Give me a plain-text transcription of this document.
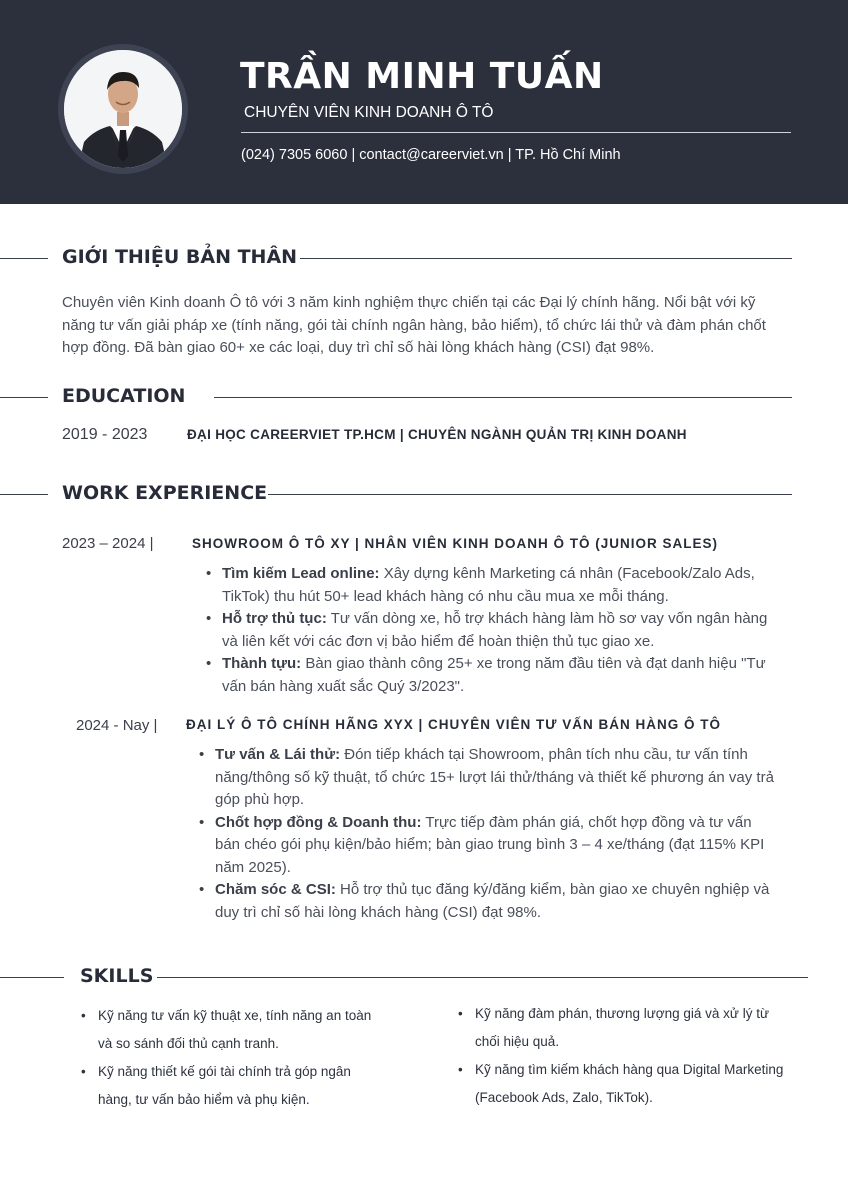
TRẦN MINH TUẤN
CHUYÊN VIÊN KINH DOANH Ô TÔ
(024) 7305 6060 | contact@careerviet.vn | TP. Hồ Chí Minh
GIỚI THIỆU BẢN THÂN
Chuyên viên Kinh doanh Ô tô với 3 năm kinh nghiệm thực chiến tại các Đại lý chính hãng. Nổi bật với kỹ năng tư vấn giải pháp xe (tính năng, gói tài chính ngân hàng, bảo hiểm), tổ chức lái thử và đàm phán chốt hợp đồng. Đã bàn giao 60+ xe các loại, duy trì chỉ số hài lòng khách hàng (CSI) đạt 98%.
EDUCATION
2019 - 2023	ĐẠI HỌC CAREERVIET TP.HCM | CHUYÊN NGÀNH QUẢN TRỊ KINH DOANH
WORK EXPERIENCE
2023 – 2024 |	SHOWROOM Ô TÔ XY | NHÂN VIÊN KINH DOANH Ô TÔ (JUNIOR SALES)
• Tìm kiếm Lead online: Xây dựng kênh Marketing cá nhân (Facebook/Zalo Ads, TikTok) thu hút 50+ lead khách hàng có nhu cầu mua xe mỗi tháng.
• Hỗ trợ thủ tục: Tư vấn dòng xe, hỗ trợ khách hàng làm hồ sơ vay vốn ngân hàng và liên kết với các đơn vị bảo hiểm để hoàn thiện thủ tục giao xe.
• Thành tựu: Bàn giao thành công 25+ xe trong năm đầu tiên và đạt danh hiệu "Tư vấn bán hàng xuất sắc Quý 3/2023".
2024 - Nay | ĐẠI LÝ Ô TÔ CHÍNH HÃNG XYX | CHUYÊN VIÊN TƯ VẤN BÁN HÀNG Ô TÔ
• Tư vấn & Lái thử: Đón tiếp khách tại Showroom, phân tích nhu cầu, tư vấn tính năng/thông số kỹ thuật, tổ chức 15+ lượt lái thử/tháng và thiết kế phương án vay trả góp phù hợp.
• Chốt hợp đồng & Doanh thu: Trực tiếp đàm phán giá, chốt hợp đồng và tư vấn bán chéo gói phụ kiện/bảo hiểm; bàn giao trung bình 3 – 4 xe/tháng (đạt 115% KPI năm 2025).
• Chăm sóc & CSI: Hỗ trợ thủ tục đăng ký/đăng kiểm, bàn giao xe chuyên nghiệp và duy trì chỉ số hài lòng khách hàng (CSI) đạt 98%.
SKILLS
• Kỹ năng tư vấn kỹ thuật xe, tính năng an toàn và so sánh đối thủ cạnh tranh.
• Kỹ năng thiết kế gói tài chính trả góp ngân hàng, tư vấn bảo hiểm và phụ kiện.
• Kỹ năng đàm phán, thương lượng giá và xử lý từ chối hiệu quả.
• Kỹ năng tìm kiếm khách hàng qua Digital Marketing (Facebook Ads, Zalo, TikTok).
